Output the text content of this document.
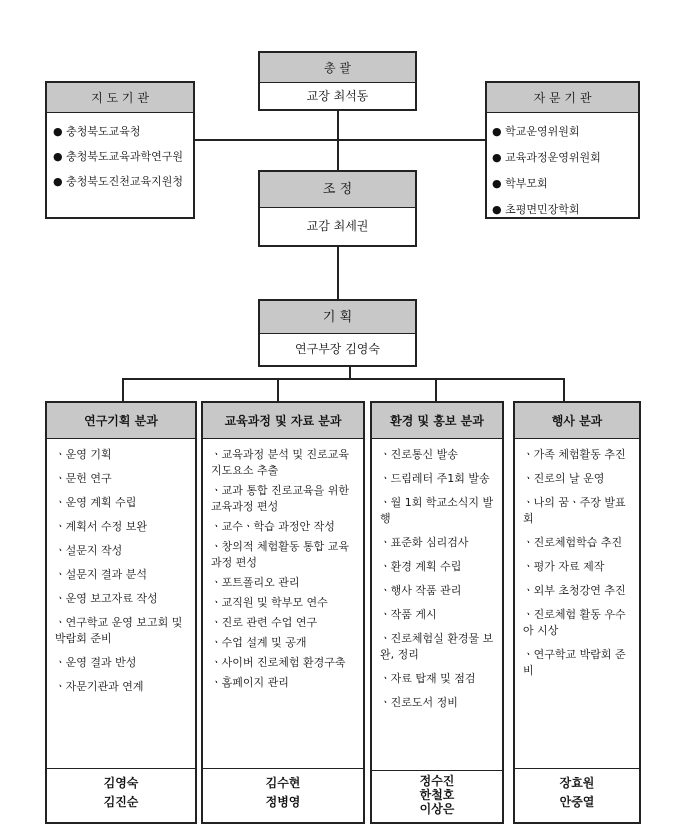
총 괄
교장 최석동
지 도 기 관
● 충청북도교육청
● 충청북도교육과학연구원
● 충청북도진천교육지원청
자 문 기 관
● 학교운영위원회
● 교육과정운영위원회
● 학부모회
● 초평면민장학회
조 정
교감 최세권
기 획
연구부장 김영숙
연구기획 분과
ㆍ운영 기획
ㆍ문헌 연구
ㆍ운영 계획 수립
ㆍ계획서 수정 보완
ㆍ설문지 작성
ㆍ설문지 결과 분석
ㆍ운영 보고자료 작성
ㆍ연구학교 운영 보고회 및 박람회 준비
ㆍ운영 결과 반성
ㆍ자문기관과 연계
김영숙
김진순
교육과정 및 자료 분과
ㆍ교육과정 분석 및 진로교육 지도요소 추출
ㆍ교과 통합 진로교육을 위한 교육과정 편성
ㆍ교수ㆍ학습 과정안 작성
ㆍ창의적 체험활동 통합 교육과정 편성
ㆍ포트폴리오 관리
ㆍ교직원 및 학부모 연수
ㆍ진로 관련 수업 연구
ㆍ수업 설계 및 공개
ㆍ사이버 진로체험 환경구축
ㆍ홈페이지 관리
김수현
정병영
환경 및 홍보 분과
ㆍ진로통신 발송
ㆍ드림레터 주1회 발송
ㆍ월 1회 학교소식지 발행
ㆍ표준화 심리검사
ㆍ환경 계획 수립
ㆍ행사 작품 관리
ㆍ작품 게시
ㆍ진로체험실 환경물 보완, 정리
ㆍ자료 탑재 및 점검
ㆍ진로도서 정비
정수진
한철호
이상은
행사 분과
ㆍ가족 체험활동 추진
ㆍ진로의 날 운영
ㆍ나의 꿈ㆍ주장 발표회
ㆍ진로체험학습 추진
ㆍ평가 자료 제작
ㆍ외부 초청강연 추진
ㆍ진로체험 활동 우수아 시상
ㆍ연구학교 박람회 준비
장효원
안중열
